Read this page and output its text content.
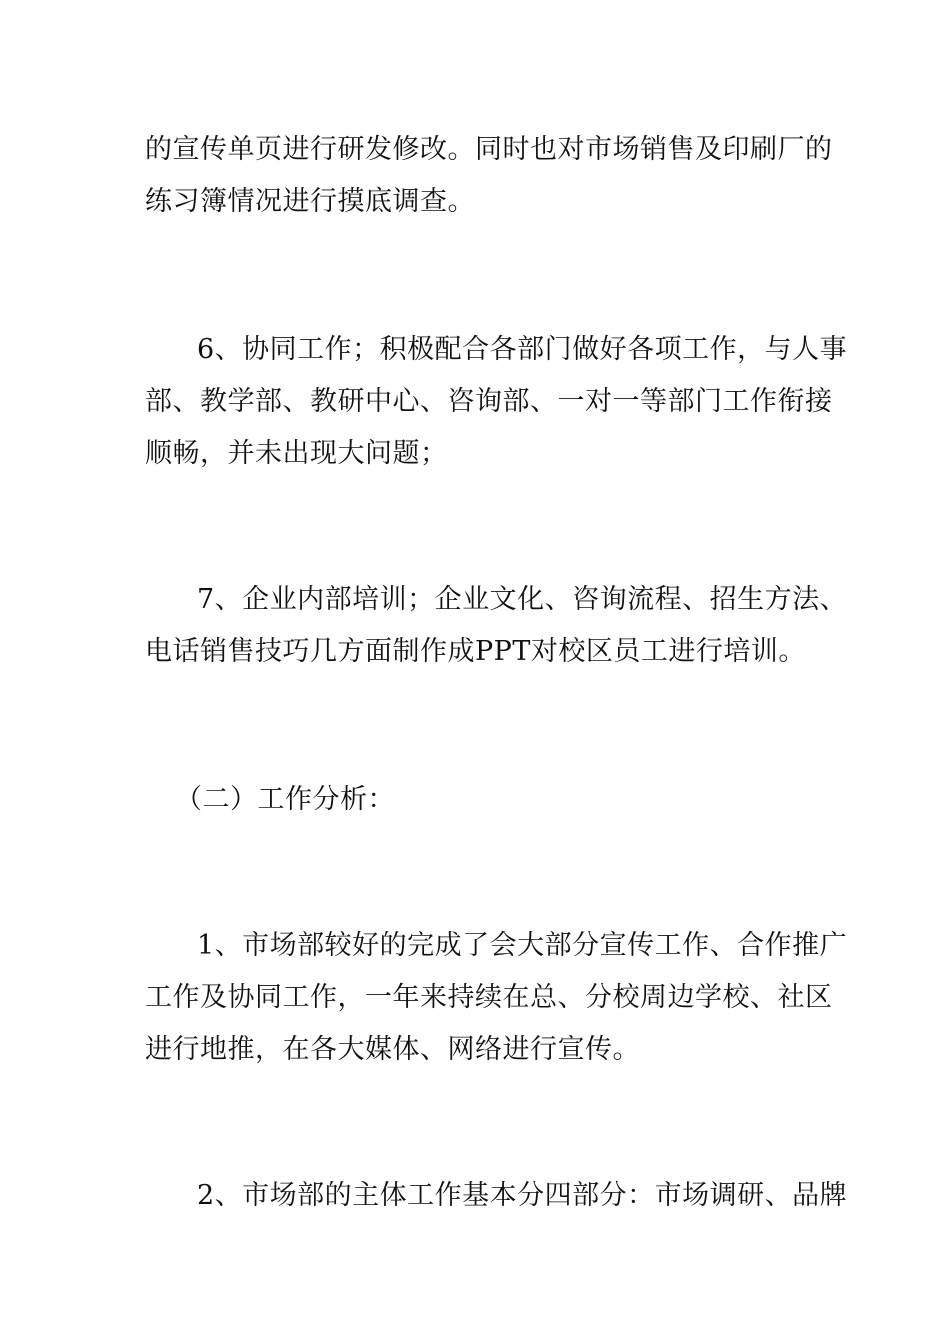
的宣传单页进行研发修改。同时也对市场销售及印刷厂的
练习簿情况进行摸底调查。

6、协同工作；积极配合各部门做好各项工作，与人事
部、教学部、教研中心、咨询部、一对一等部门工作衔接
顺畅，并未出现大问题；

7、企业内部培训；企业文化、咨询流程、招生方法、
电话销售技巧几方面制作成PPT对校区员工进行培训。

（二）工作分析：

1、市场部较好的完成了会大部分宣传工作、合作推广
工作及协同工作，一年来持续在总、分校周边学校、社区
进行地推，在各大媒体、网络进行宣传。

2、市场部的主体工作基本分四部分：市场调研、品牌
